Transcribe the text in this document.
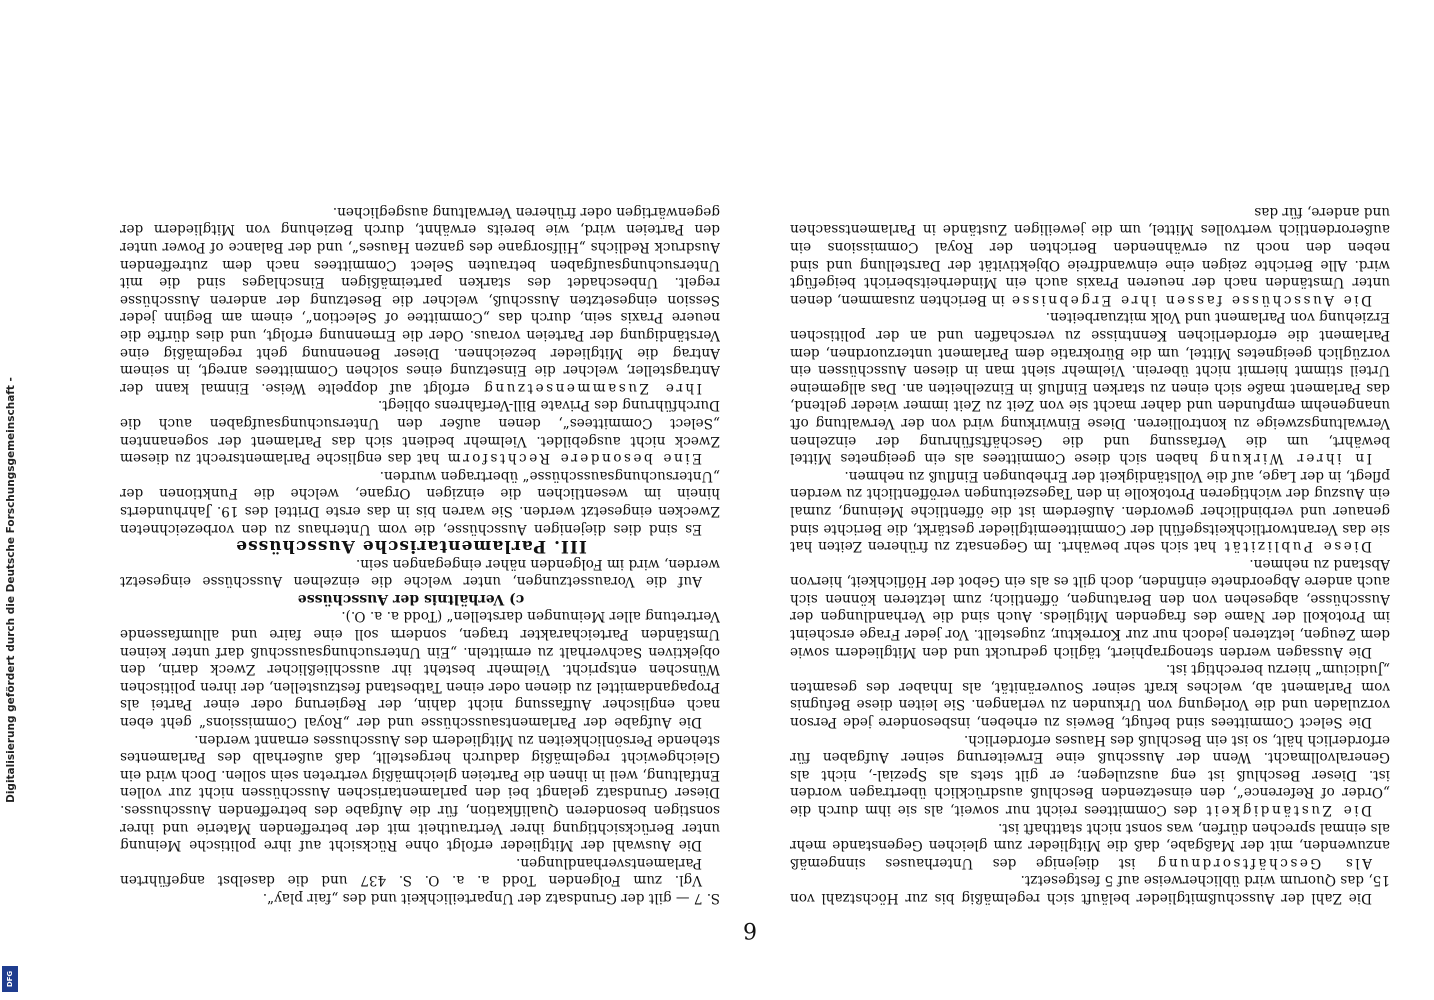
Digitalisierung gefördert durch die Deutsche Forschungsgemeinschaft -
DFG
6

Die Zahl der Ausschußmitglieder beläuft sich regelmäßig bis zur Höchstzahl von 15, das Quorum wird üblicherweise auf 5 festgesetzt.

Als Geschäftsordnung ist diejenige des Unterhauses sinngemäß anzuwenden, mit der Maßgabe, daß die Mitglieder zum gleichen Gegenstande mehr als einmal sprechen dürfen, was sonst nicht statthaft ist.

Die Zuständigkeit des Committees reicht nur soweit, als sie ihm durch die „Order of Reference“, den einsetzenden Beschluß ausdrücklich übertragen worden ist. Dieser Beschluß ist eng auszulegen; er gilt stets als Spezial-, nicht als Generalvollmacht. Wenn der Ausschuß eine Erweiterung seiner Aufgaben für erforderlich hält, so ist ein Beschluß des Hauses erforderlich.

Die Select Committees sind befugt, Beweis zu erheben, insbesondere jede Person vorzuladen und die Vorlegung von Urkunden zu verlangen. Sie leiten diese Befugnis vom Parlament ab, welches kraft seiner Souveränität, als Inhaber des gesamten „Judicium“ hierzu berechtigt ist.

Die Aussagen werden stenographiert, täglich gedruckt und den Mitgliedern sowie dem Zeugen, letzteren jedoch nur zur Korrektur, zugestellt. Vor jeder Frage erscheint im Protokoll der Name des fragenden Mitglieds. Auch sind die Verhandlungen der Ausschüsse, abgesehen von den Beratungen, öffentlich; zum letzteren können sich auch andere Abgeordnete einfinden, doch gilt es als ein Gebot der Höflichkeit, hiervon Abstand zu nehmen.

Diese Publizität hat sich sehr bewährt. Im Gegensatz zu früheren Zeiten hat sie das Verantwortlichkeitsgefühl der Committeemitglieder gestärkt, die Berichte sind genauer und verbindlicher geworden. Außerdem ist die öffentliche Meinung, zumal ein Auszug der wichtigeren Protokolle in den Tageszeitungen veröffentlicht zu werden pflegt, in der Lage, auf die Vollständigkeit der Erhebungen Einfluß zu nehmen.

In ihrer Wirkung haben sich diese Committees als ein geeignetes Mittel bewährt, um die Verfassung und die Geschäftsführung der einzelnen Verwaltungszweige zu kontrollieren. Diese Einwirkung wird von der Verwaltung oft unangenehm empfunden und daher macht sie von Zeit zu Zeit immer wieder geltend, das Parlament maße sich einen zu starken Einfluß in Einzelheiten an. Das allgemeine Urteil stimmt hiermit nicht überein. Vielmehr sieht man in diesen Ausschüssen ein vorzüglich geeignetes Mittel, um die Bürokratie dem Parlament unterzuordnen, dem Parlament die erforderlichen Kenntnisse zu verschaffen und an der politischen Erziehung von Parlament und Volk mitzuarbeiten.

Die Ausschüsse fassen ihre Ergebnisse in Berichten zusammen, denen unter Umständen nach der neueren Praxis auch ein Minderheitsbericht beigefügt wird. Alle Berichte zeigen eine einwandfreie Objektivität der Darstellung und sind neben den noch zu erwähnenden Berichten der Royal Commissions ein außerordentlich wertvolles Mittel, um die jeweiligen Zustände in Parlamentssachen und andere, für das

S. 7 — gilt der Grundsatz der Unparteilichkeit und des „fair play“.

Vgl. zum Folgenden Todd a. a. O. S. 437 und die daselbst angeführten Parlamentsverhandlungen.

Die Auswahl der Mitglieder erfolgt ohne Rücksicht auf ihre politische Meinung unter Berücksichtigung ihrer Vertrautheit mit der betreffenden Materie und ihrer sonstigen besonderen Qualifikation, für die Aufgabe des betreffenden Ausschusses. Dieser Grundsatz gelangt bei den parlamentarischen Ausschüssen nicht zur vollen Entfaltung, weil in ihnen die Parteien gleichmäßig vertreten sein sollen. Doch wird ein Gleichgewicht regelmäßig dadurch hergestellt, daß außerhalb des Parlamentes stehende Persönlichkeiten zu Mitgliedern des Ausschusses ernannt werden.

Die Aufgabe der Parlamentsausschüsse und der „Royal Commissions“ geht eben nach englischer Auffassung nicht dahin, der Regierung oder einer Partei als Propagandamittel zu dienen oder einen Tatbestand festzustellen, der ihren politischen Wünschen entspricht. Vielmehr besteht ihr ausschließlicher Zweck darin, den objektiven Sachverhalt zu ermitteln. „Ein Untersuchungsausschuß darf unter keinen Umständen Parteicharakter tragen, sondern soll eine faire und allumfassende Vertretung aller Meinungen darstellen“ (Todd a. a. O.).

c) Verhältnis der Ausschüsse

Auf die Voraussetzungen, unter welche die einzelnen Ausschüsse eingesetzt werden, wird im Folgenden näher eingegangen sein.

III. Parlamentarische Ausschüsse

Es sind dies diejenigen Ausschüsse, die vom Unterhaus zu den vorbezeichneten Zwecken eingesetzt werden. Sie waren bis in das erste Drittel des 19. Jahrhunderts hinein im wesentlichen die einzigen Organe, welche die Funktionen der „Untersuchungsausschüsse“ übertragen wurden.

Eine besondere Rechtsform hat das englische Parlamentsrecht zu diesem Zweck nicht ausgebildet. Vielmehr bedient sich das Parlament der sogenannten „Select Committees“, denen außer den Untersuchungsaufgaben auch die Durchführung des Private Bill-Verfahrens obliegt.

Ihre Zusammensetzung erfolgt auf doppelte Weise. Einmal kann der Antragsteller, welcher die Einsetzung eines solchen Committees anregt, in seinem Antrag die Mitglieder bezeichnen. Dieser Benennung geht regelmäßig eine Verständigung der Parteien voraus. Oder die Ernennung erfolgt, und dies dürfte die neuere Praxis sein, durch das „Committee of Selection“, einem am Beginn jeder Session eingesetzten Ausschuß, welcher die Besetzung der anderen Ausschüsse regelt. Unbeschadet des starken parteimäßigen Einschlages sind die mit Untersuchungsaufgaben betrauten Select Committees nach dem zutreffenden Ausdruck Redlichs „Hilfsorgane des ganzen Hauses“, und der Balance of Power unter den Parteien wird, wie bereits erwähnt, durch Beziehung von Mitgliedern der gegenwärtigen oder früheren Verwaltung ausgeglichen.
